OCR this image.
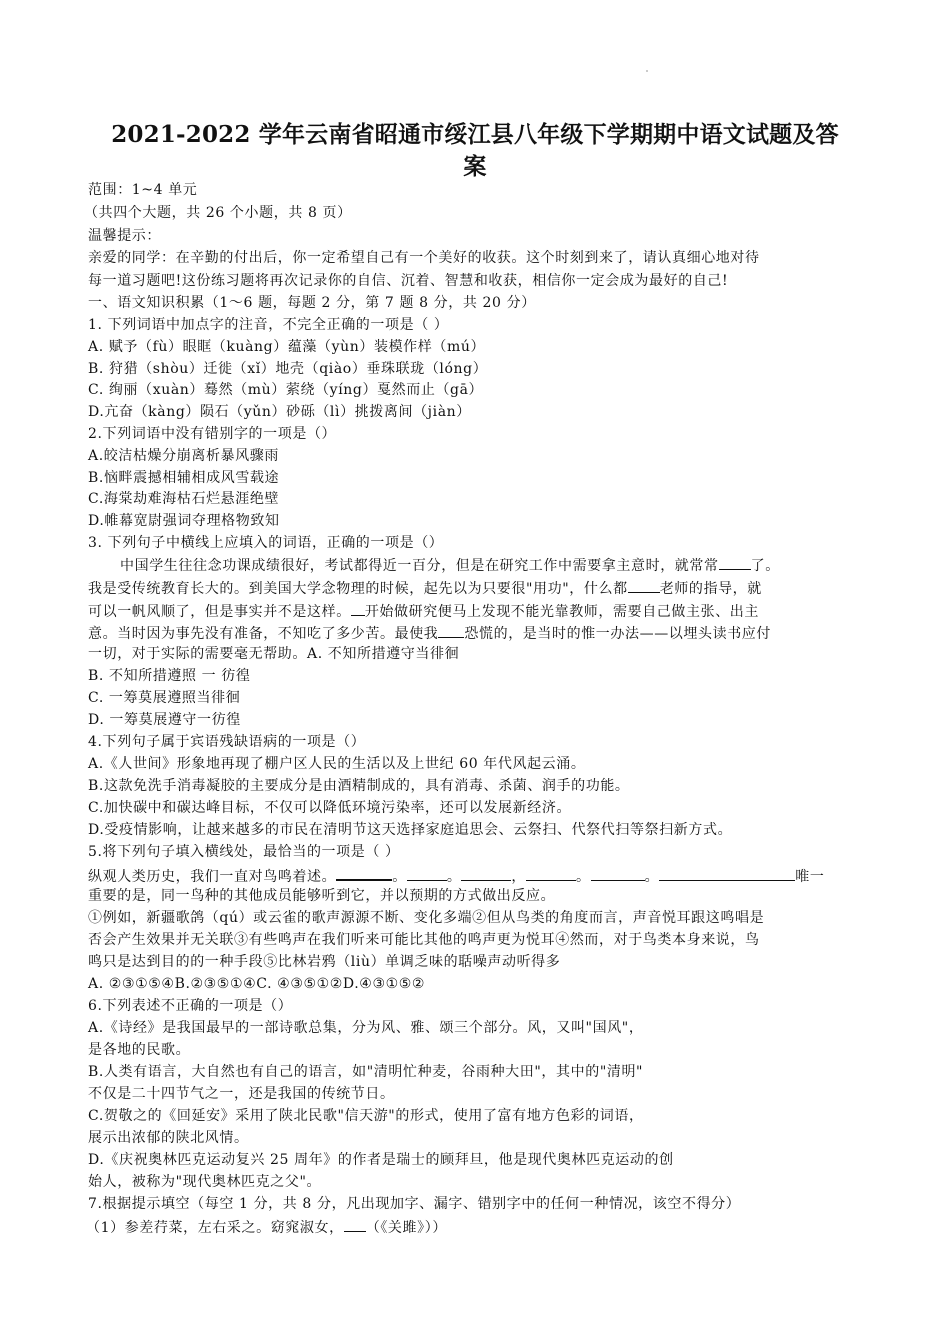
2021-2022 学年云南省昭通市绥江县八年级下学期期中语文试题及答
案
范围：1~4 单元
（共四个大题，共 26 个小题，共 8 页）
温馨提示：
亲爱的同学：在辛勤的付出后，你一定希望自己有一个美好的收获。这个时刻到来了，请认真细心地对待
每一道习题吧!这份练习题将再次记录你的自信、沉着、智慧和收获，相信你一定会成为最好的自己!
一、语文知识积累（1～6 题，每题 2 分，第 7 题 8 分，共 20 分）
1. 下列词语中加点字的注音，不完全正确的一项是（ ）
A. 赋予（fù）眼眶（kuàng）蕴藻（yùn）装模作样（mú）
B. 狩猎（shòu）迁徙（xǐ）地壳（qiào）垂珠联珑（lóng）
C. 绚丽（xuàn）蓦然（mù）萦绕（yíng）戛然而止（gā）
D.亢奋（kàng）陨石（yǔn）砂砾（lì）挑拨离间（jiàn）
2.下列词语中没有错别字的一项是（）
A.皎洁枯燥分崩离析暴风骤雨
B.恼畔震撼相辅相成风雪载途
C.海棠劫难海枯石烂悬涯绝壁
D.帷幕宽尉强词夺理格物致知
3. 下列句子中横线上应填入的词语，正确的一项是（）
中国学生往往念功课成绩很好，考试都得近一百分，但是在研究工作中需要拿主意时，就常常 了。
我是受传统教育长大的。到美国大学念物理的时候，起先以为只要很"用功"，什么都 老师的指导，就
可以一帆风顺了，但是事实并不是这样。 开始做研究便马上发现不能光靠教师，需要自己做主张、出主
意。当时因为事先没有准备，不知吃了多少苦。最使我 恐慌的，是当时的惟一办法——以埋头读书应付
一切，对于实际的需要毫无帮助。A. 不知所措遵守当徘徊
B. 不知所措遵照 一 彷徨
C. 一筹莫展遵照当徘徊
D. 一筹莫展遵守一彷徨
4.下列句子属于宾语残缺语病的一项是（）
A.《人世间》形象地再现了棚户区人民的生活以及上世纪 60 年代风起云涌。
B.这款免洗手消毒凝胶的主要成分是由酒精制成的，具有消毒、杀菌、润手的功能。
C.加快碳中和碳达峰目标，不仅可以降低环境污染率，还可以发展新经济。
D.受疫情影响，让越来越多的市民在清明节这天选择家庭追思会、云祭扫、代祭代扫等祭扫新方式。
5.将下列句子填入横线处，最恰当的一项是（ ）
纵观人类历史，我们一直对鸟鸣着述。	。	。	，	。	。	唯一
重要的是，同一鸟种的其他成员能够听到它，并以预期的方式做出反应。
①例如，新疆歌鸽（qú）或云雀的歌声源源不断、变化多端②但从鸟类的角度而言，声音悦耳跟这鸣唱是
否会产生效果并无关联③有些鸣声在我们听来可能比其他的鸣声更为悦耳④然而，对于鸟类本身来说，鸟
鸣只是达到目的的一种手段⑤比林岩鸦（liù）单调乏味的聒噪声动听得多
A. ②③①⑤④B.②③⑤①④C. ④③⑤①②D.④③①⑤②
6.下列表述不正确的一项是（）
A.《诗经》是我国最早的一部诗歌总集，分为风、雅、颂三个部分。风，又叫"国风"，
是各地的民歌。
B.人类有语言，大自然也有自己的语言，如"清明忙种麦，谷雨种大田"，其中的"清明"
不仅是二十四节气之一，还是我国的传统节日。
C.贺敬之的《回延安》采用了陕北民歌"信天游"的形式，使用了富有地方色彩的词语，
展示出浓郁的陕北风情。
D.《庆祝奥林匹克运动复兴 25 周年》的作者是瑞士的顾拜旦，他是现代奥林匹克运动的创
始人，被称为"现代奥林匹克之父"。
7.根据提示填空（每空 1 分，共 8 分，凡出现加字、漏字、错别字中的任何一种情况，该空不得分）
（1）参差荇菜，左右采之。窈窕淑女， （《关雎》））
